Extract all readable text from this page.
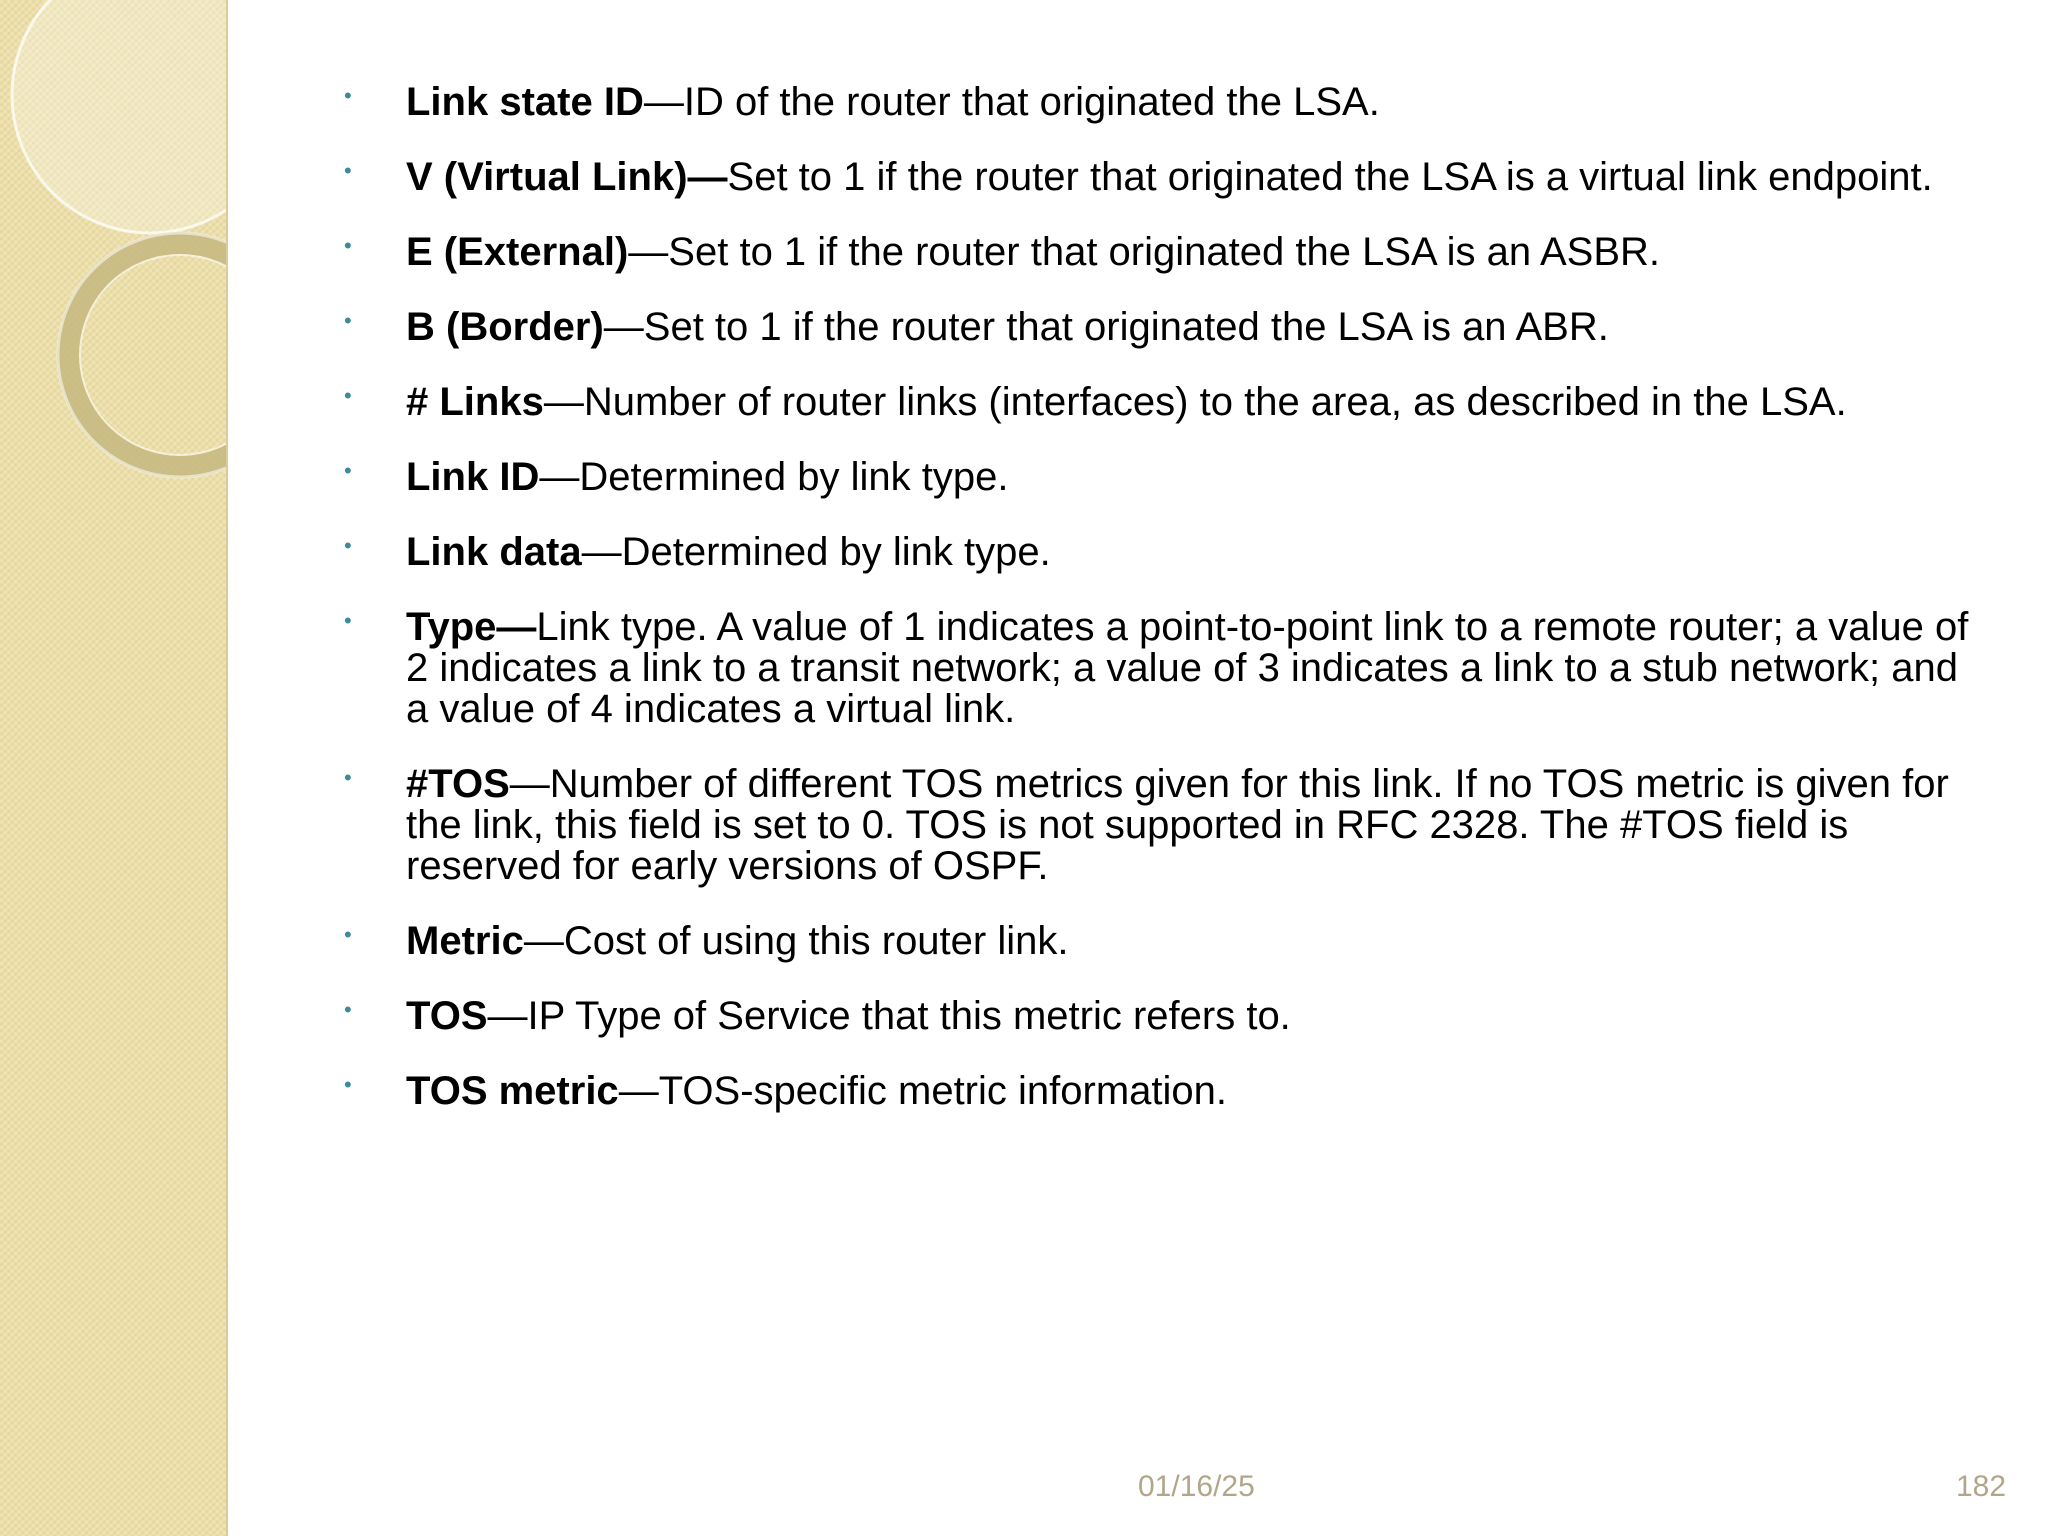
• Link state ID—ID of the router that originated the LSA.
• V (Virtual Link)—Set to 1 if the router that originated the LSA is a virtual link endpoint.
• E (External)—Set to 1 if the router that originated the LSA is an ASBR.
• B (Border)—Set to 1 if the router that originated the LSA is an ABR.
• # Links—Number of router links (interfaces) to the area, as described in the LSA.
• Link ID—Determined by link type.
• Link data—Determined by link type.
• Type—Link type. A value of 1 indicates a point-to-point link to a remote router; a value of 2 indicates a link to a transit network; a value of 3 indicates a link to a stub network; and a value of 4 indicates a virtual link.
• #TOS—Number of different TOS metrics given for this link. If no TOS metric is given for the link, this field is set to 0. TOS is not supported in RFC 2328. The #TOS field is reserved for early versions of OSPF.
• Metric—Cost of using this router link.
• TOS—IP Type of Service that this metric refers to.
• TOS metric—TOS-specific metric information.
01/16/25	182
